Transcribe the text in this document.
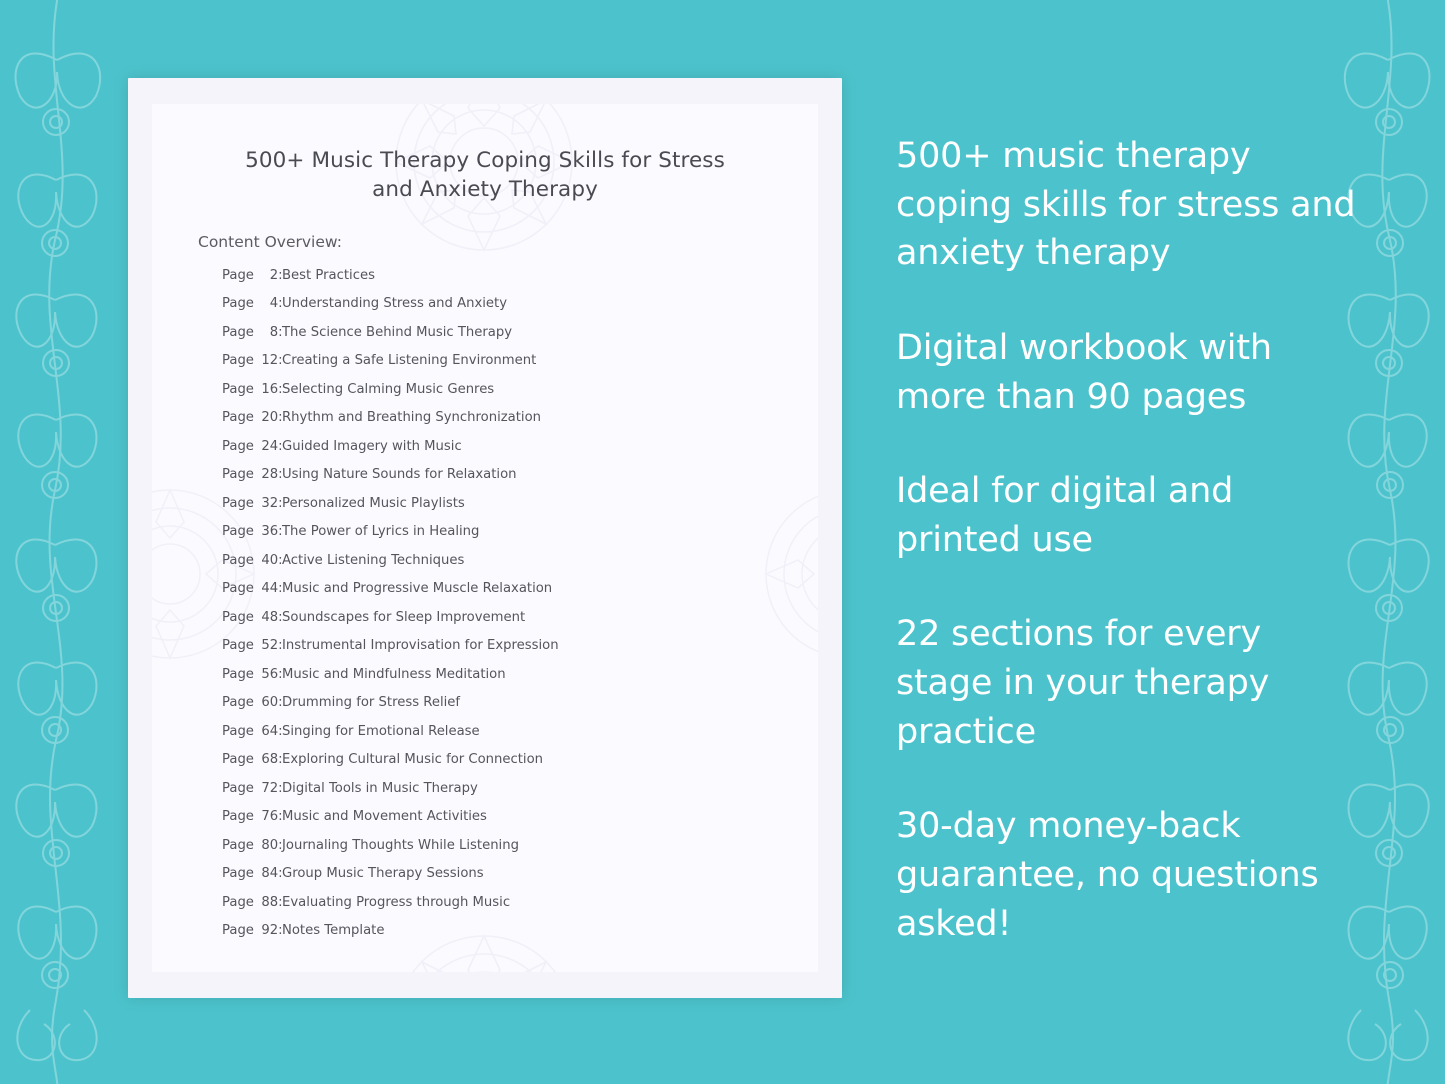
500+ Music Therapy Coping Skills for Stress and Anxiety Therapy
Content Overview:
Page 2: Best Practices
Page 4: Understanding Stress and Anxiety
Page 8: The Science Behind Music Therapy
Page 12: Creating a Safe Listening Environment
Page 16: Selecting Calming Music Genres
Page 20: Rhythm and Breathing Synchronization
Page 24: Guided Imagery with Music
Page 28: Using Nature Sounds for Relaxation
Page 32: Personalized Music Playlists
Page 36: The Power of Lyrics in Healing
Page 40: Active Listening Techniques
Page 44: Music and Progressive Muscle Relaxation
Page 48: Soundscapes for Sleep Improvement
Page 52: Instrumental Improvisation for Expression
Page 56: Music and Mindfulness Meditation
Page 60: Drumming for Stress Relief
Page 64: Singing for Emotional Release
Page 68: Exploring Cultural Music for Connection
Page 72: Digital Tools in Music Therapy
Page 76: Music and Movement Activities
Page 80: Journaling Thoughts While Listening
Page 84: Group Music Therapy Sessions
Page 88: Evaluating Progress through Music
Page 92: Notes Template

500+ music therapy coping skills for stress and anxiety therapy

Digital workbook with more than 90 pages

Ideal for digital and printed use

22 sections for every stage in your therapy practice

30-day money-back guarantee, no questions asked!
